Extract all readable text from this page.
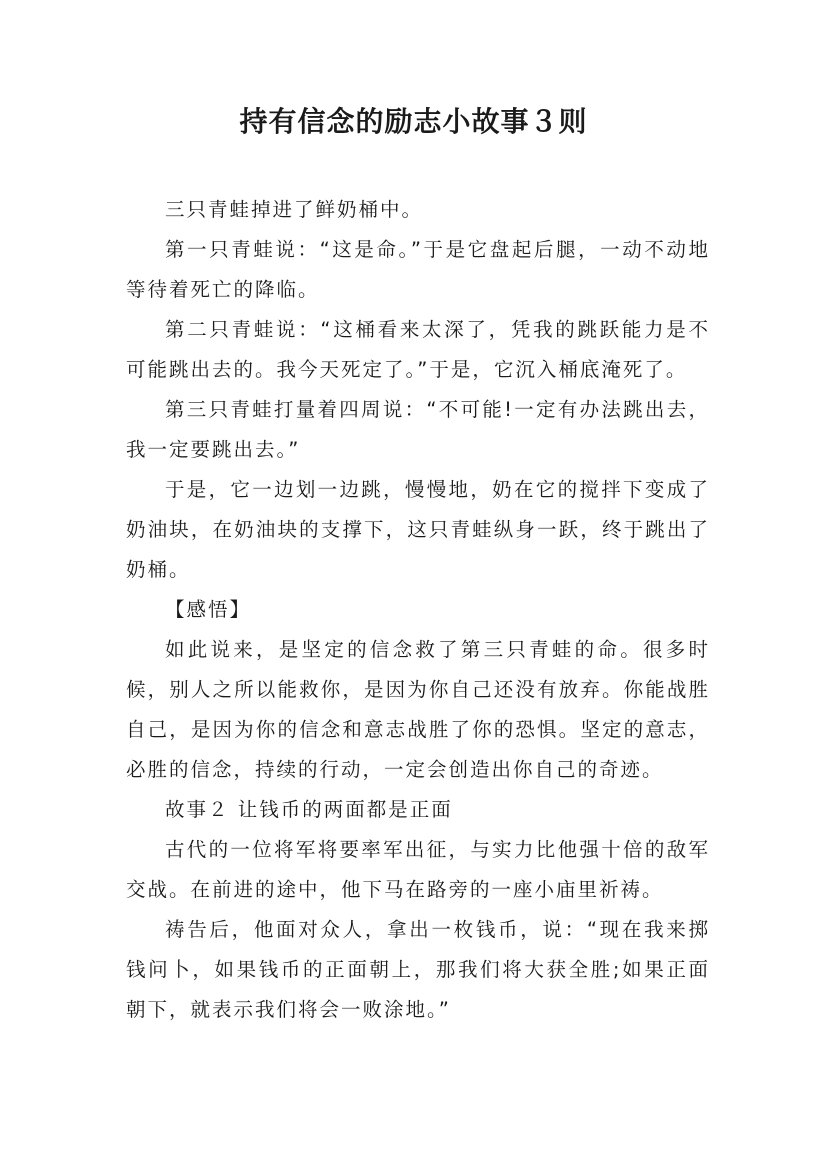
持有信念的励志小故事３则

三只青蛙掉进了鲜奶桶中。

第一只青蛙说：“这是命。”于是它盘起后腿，一动不动地等待着死亡的降临。

第二只青蛙说：“这桶看来太深了，凭我的跳跃能力是不可能跳出去的。我今天死定了。”于是，它沉入桶底淹死了。

第三只青蛙打量着四周说：“不可能!一定有办法跳出去，我一定要跳出去。”

于是，它一边划一边跳，慢慢地，奶在它的搅拌下变成了奶油块，在奶油块的支撑下，这只青蛙纵身一跃，终于跳出了奶桶。

【感悟】

如此说来，是坚定的信念救了第三只青蛙的命。很多时候，别人之所以能救你，是因为你自己还没有放弃。你能战胜自己，是因为你的信念和意志战胜了你的恐惧。坚定的意志，必胜的信念，持续的行动，一定会创造出你自己的奇迹。

故事２ 让钱币的两面都是正面

古代的一位将军将要率军出征，与实力比他强十倍的敌军交战。在前进的途中，他下马在路旁的一座小庙里祈祷。

祷告后，他面对众人，拿出一枚钱币，说：“现在我来掷钱问卜，如果钱币的正面朝上，那我们将大获全胜;如果正面朝下，就表示我们将会一败涂地。”
